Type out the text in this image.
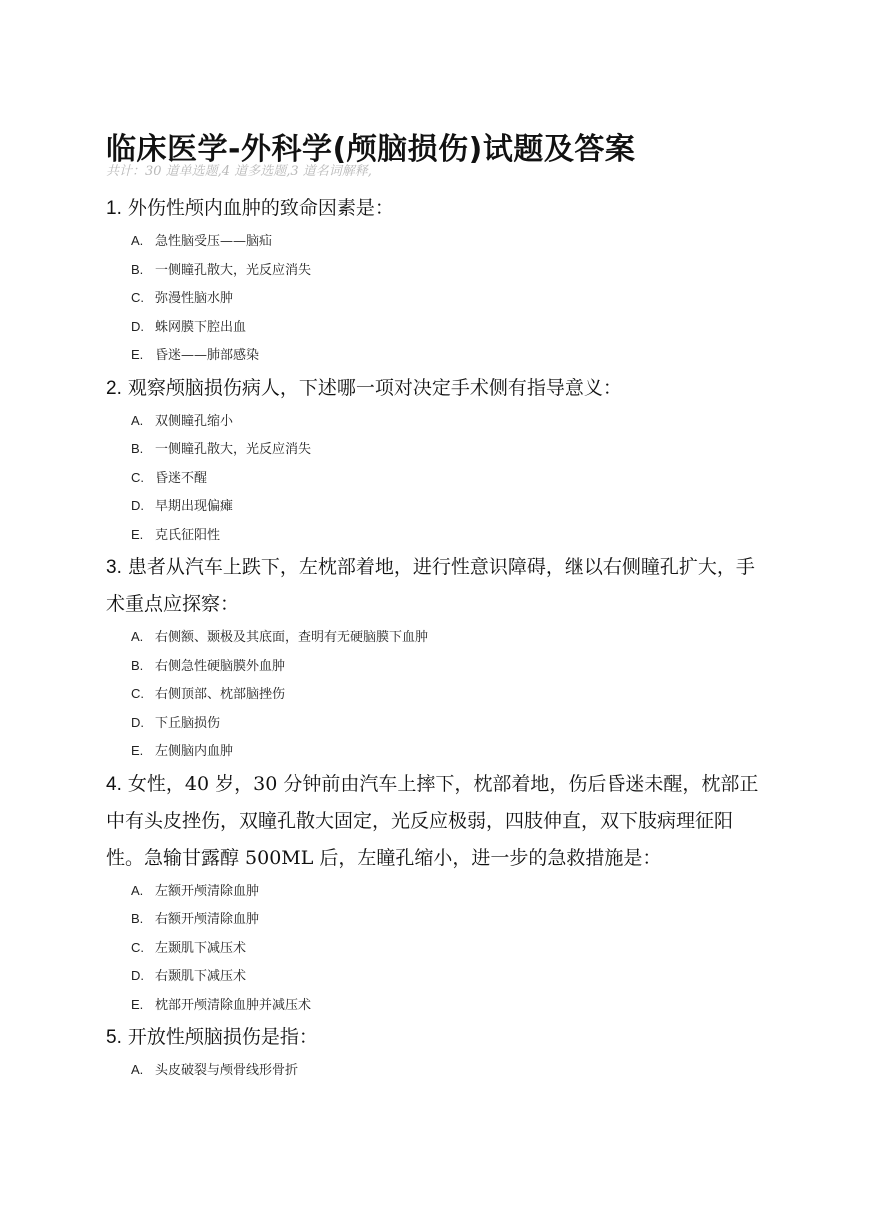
临床医学-外科学(颅脑损伤)试题及答案
共计：30 道单选题,4 道多选题,3 道名词解释,

1. 外伤性颅内血肿的致命因素是：

A. 急性脑受压——脑疝
B. 一侧瞳孔散大，光反应消失
C. 弥漫性脑水肿
D. 蛛网膜下腔出血
E. 昏迷——肺部感染

2. 观察颅脑损伤病人，下述哪一项对决定手术侧有指导意义：

A. 双侧瞳孔缩小
B. 一侧瞳孔散大，光反应消失
C. 昏迷不醒
D. 早期出现偏瘫
E. 克氏征阳性

3. 患者从汽车上跌下，左枕部着地，进行性意识障碍，继以右侧瞳孔扩大，手术重点应探察：

A. 右侧额、颞极及其底面，查明有无硬脑膜下血肿
B. 右侧急性硬脑膜外血肿
C. 右侧顶部、枕部脑挫伤
D. 下丘脑损伤
E. 左侧脑内血肿

4. 女性，40 岁，30 分钟前由汽车上摔下，枕部着地，伤后昏迷未醒，枕部正中有头皮挫伤，双瞳孔散大固定，光反应极弱，四肢伸直，双下肢病理征阳性。急输甘露醇 500ML 后，左瞳孔缩小，进一步的急救措施是：

A. 左额开颅清除血肿
B. 右额开颅清除血肿
C. 左颞肌下减压术
D. 右颞肌下减压术
E. 枕部开颅清除血肿并减压术

5. 开放性颅脑损伤是指：

A. 头皮破裂与颅骨线形骨折
